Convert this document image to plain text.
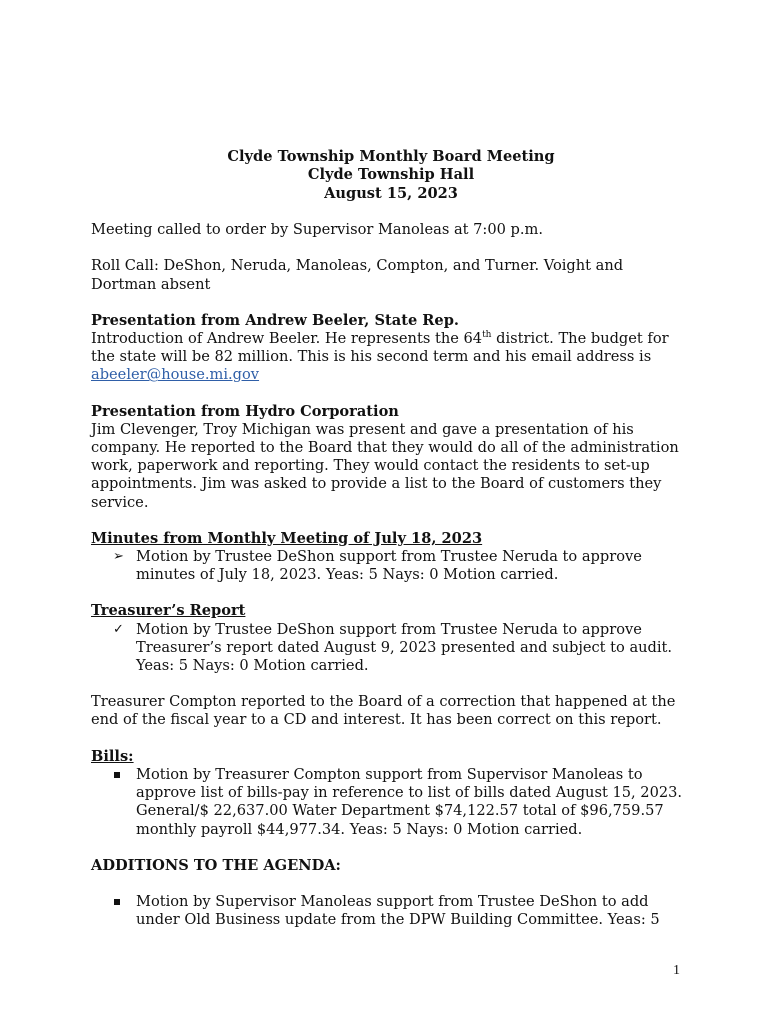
Clyde Township Monthly Board Meeting
Clyde Township Hall
August 15, 2023

Meeting called to order by Supervisor Manoleas at 7:00 p.m.

Roll Call: DeShon, Neruda, Manoleas, Compton, and Turner. Voight and Dortman absent

Presentation from Andrew Beeler, State Rep.

Introduction of Andrew Beeler. He represents the 64th district. The budget for the state will be 82 million. This is his second term and his email address is abeeler@house.mi.gov

Presentation from Hydro Corporation

Jim Clevenger, Troy Michigan was present and gave a presentation of his company. He reported to the Board that they would do all of the administration work, paperwork and reporting. They would contact the residents to set-up appointments. Jim was asked to provide a list to the Board of customers they service.

Minutes from Monthly Meeting of July 18, 2023
➢ Motion by Trustee DeShon support from Trustee Neruda to approve minutes of July 18, 2023. Yeas: 5 Nays: 0 Motion carried.
Treasurer’s Report
✓ Motion by Trustee DeShon support from Trustee Neruda to approve Treasurer’s report dated August 9, 2023 presented and subject to audit. Yeas: 5 Nays: 0 Motion carried.

Treasurer Compton reported to the Board of a correction that happened at the end of the fiscal year to a CD and interest. It has been correct on this report.

Bills:
Motion by Treasurer Compton support from Supervisor Manoleas to approve list of bills-pay in reference to list of bills dated August 15, 2023. General/$ 22,637.00 Water Department $74,122.57 total of $96,759.57 monthly payroll $44,977.34. Yeas: 5 Nays: 0 Motion carried.
ADDITIONS TO THE AGENDA:
Motion by Supervisor Manoleas support from Trustee DeShon to add under Old Business update from the DPW Building Committee. Yeas: 5
1
